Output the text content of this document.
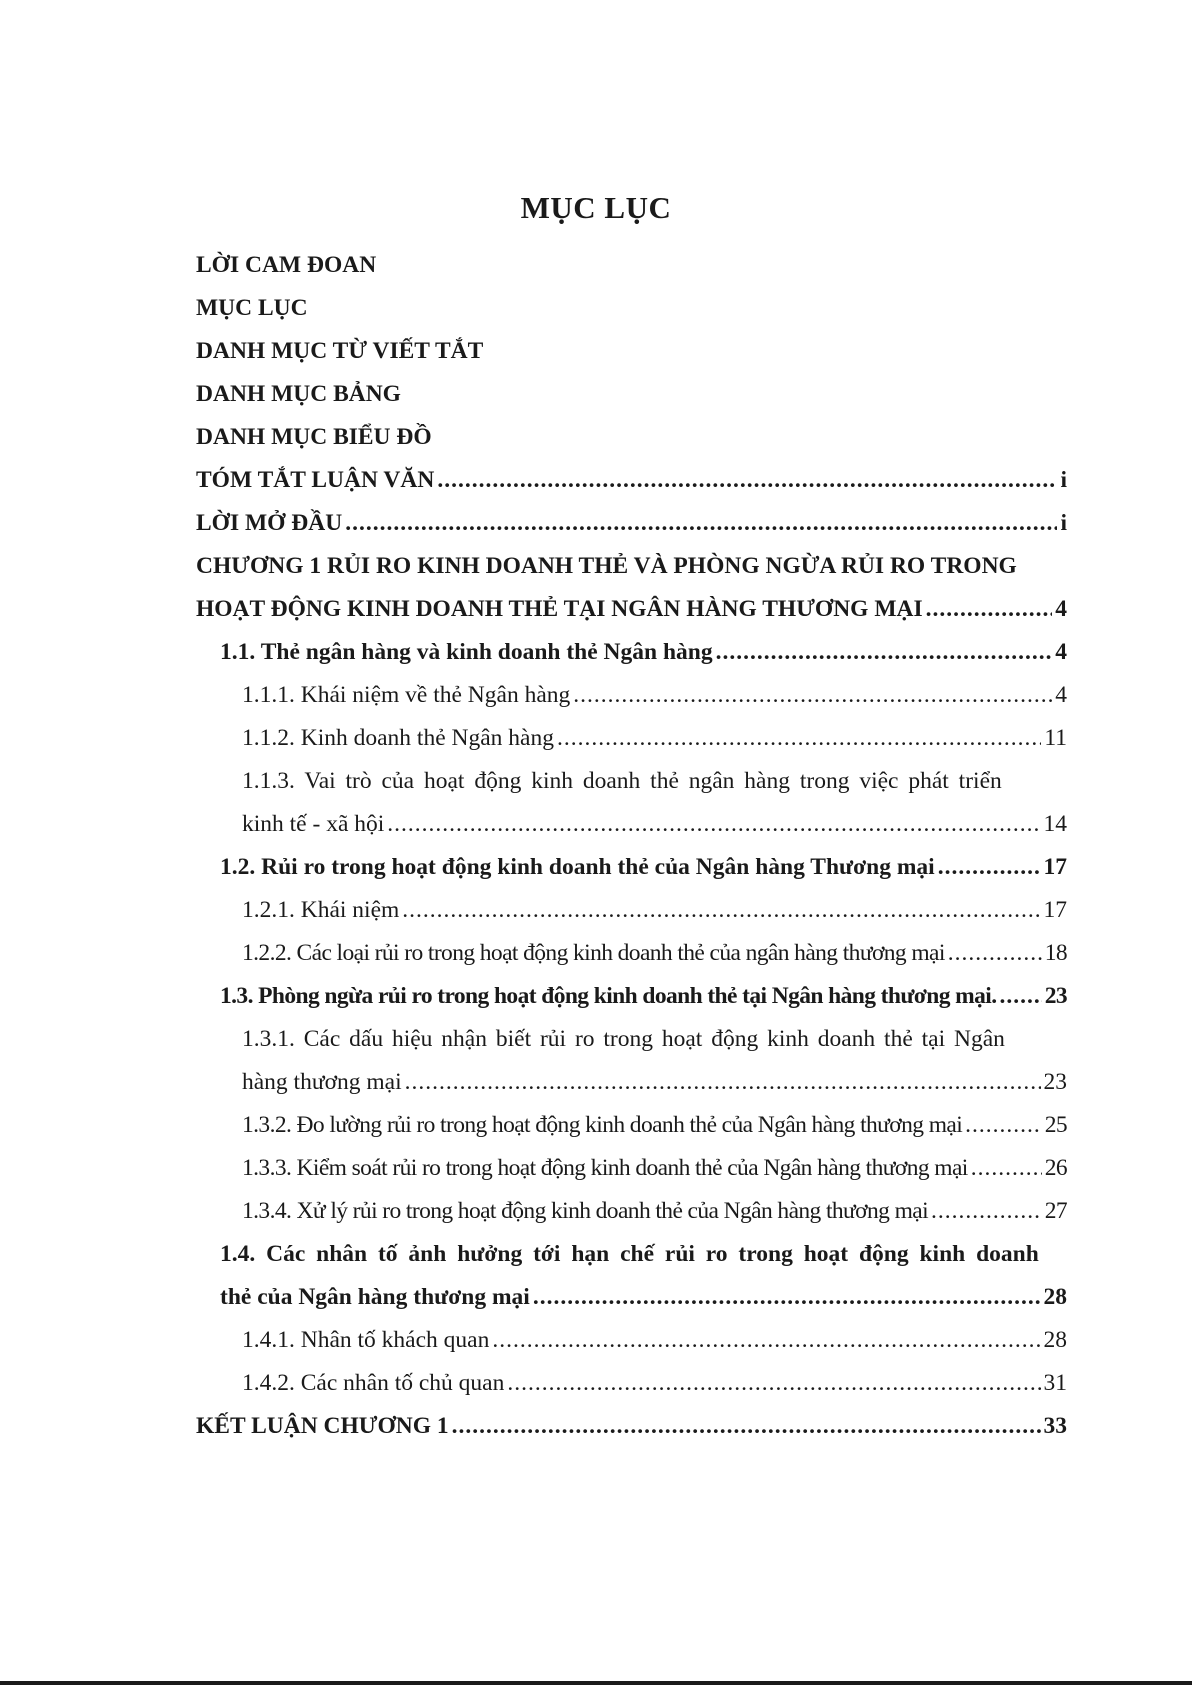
MỤC LỤC
LỜI CAM ĐOAN
MỤC LỤC
DANH MỤC TỪ VIẾT TẮT
DANH MỤC BẢNG
DANH MỤC BIỂU ĐỒ
TÓM TẮT LUẬN VĂN .....	i
LỜI MỞ ĐẦU .....	i
CHƯƠNG 1 RỦI RO KINH DOANH THẺ VÀ PHÒNG NGỪA RỦI RO TRONG
HOẠT ĐỘNG KINH DOANH THẺ TẠI NGÂN HÀNG THƯƠNG MẠI .....	4
1.1. Thẻ ngân hàng và kinh doanh thẻ Ngân hàng .....	4
1.1.1. Khái niệm về thẻ Ngân hàng .....	4
1.1.2. Kinh doanh thẻ Ngân hàng .....	11
1.1.3. Vai trò của hoạt động kinh doanh thẻ ngân hàng trong việc phát triển
kinh tế - xã hội .....	14
1.2. Rủi ro trong hoạt động kinh doanh thẻ của Ngân hàng Thương mại .....	17
1.2.1. Khái niệm .....	17
1.2.2. Các loại rủi ro trong hoạt động kinh doanh thẻ của ngân hàng thương mại .....	18
1.3. Phòng ngừa rủi ro trong hoạt động kinh doanh thẻ tại Ngân hàng thương mại. ..... 23
1.3.1. Các dấu hiệu nhận biết rủi ro trong hoạt động kinh doanh thẻ tại Ngân
hàng thương mại .....	23
1.3.2. Đo lường rủi ro trong hoạt động kinh doanh thẻ của Ngân hàng thương mại .....	25
1.3.3. Kiểm soát rủi ro trong hoạt động kinh doanh thẻ của Ngân hàng thương mại .....	26
1.3.4. Xử lý rủi ro trong hoạt động kinh doanh thẻ của Ngân hàng thương mại .....	27
1.4. Các nhân tố ảnh hưởng tới hạn chế rủi ro trong hoạt động kinh doanh
thẻ của Ngân hàng thương mại .....	28
1.4.1. Nhân tố khách quan .....	28
1.4.2. Các nhân tố chủ quan .....	31
KẾT LUẬN CHƯƠNG 1 .....	33
